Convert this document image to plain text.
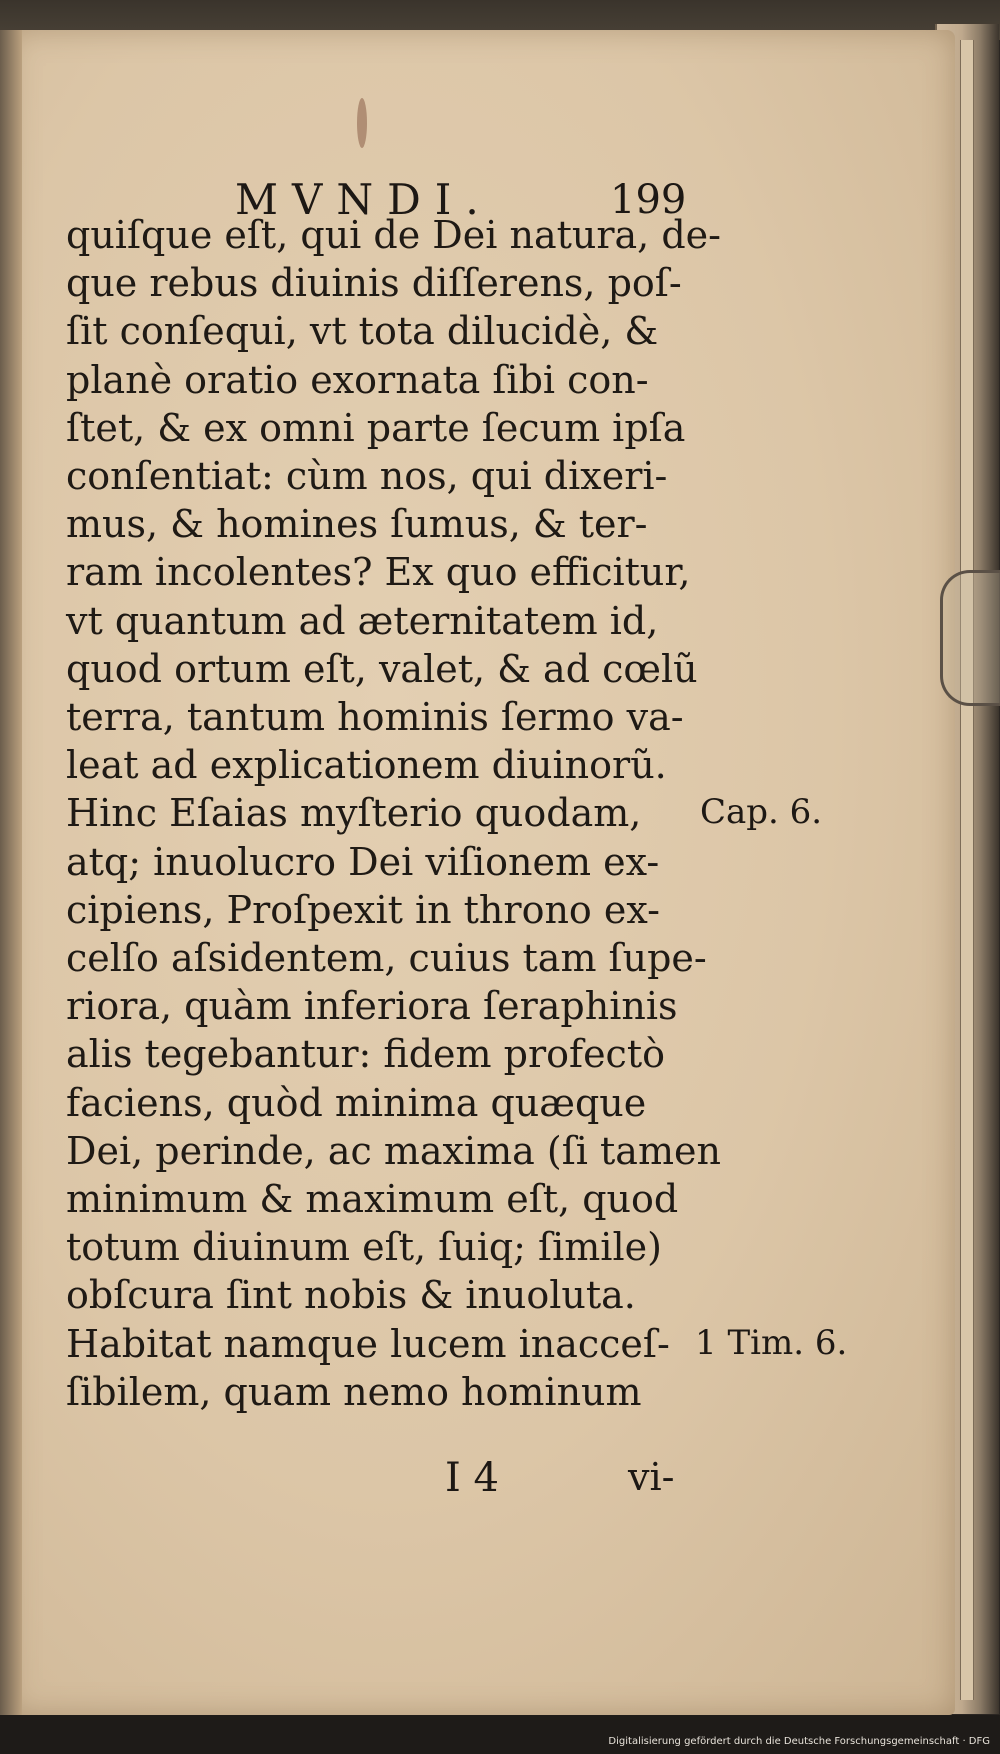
MVNDI.	199
quiſque eſt, qui de Dei natura, de-
que rebus diuinis diſſerens, poſ-
ſit conſequi, vt tota dilucidè, &
planè oratio exornata ſibi con-
ſtet, & ex omni parte ſecum ipſa
conſentiat: cùm nos, qui dixeri-
mus, & homines ſumus, & ter-
ram incolentes? Ex quo efficitur,
vt quantum ad æternitatem id,
quod ortum eſt, valet, & ad cœlũ
terra, tantum hominis ſermo va-
leat ad explicationem diuinorũ.
Hinc Eſaias myſterio quodam,
atq; inuolucro Dei viſionem ex-
cipiens, Proſpexit in throno ex-
celſo aſsidentem, cuius tam ſupe-
riora, quàm inferiora ſeraphinis
alis tegebantur: fidem profectò
faciens, quòd minima quæque
Dei, perinde, ac maxima (ſi tamen
minimum & maximum eſt, quod
totum diuinum eſt, ſuiq; ſimile)
obſcura ſint nobis & inuoluta.
Habitat namque lucem inacceſ-
ſibilem, quam nemo hominum
Cap. 6.
1 Tim. 6.
I 4	vi-
Digitalisierung gefördert durch die Deutsche Forschungsgemeinschaft · DFG
